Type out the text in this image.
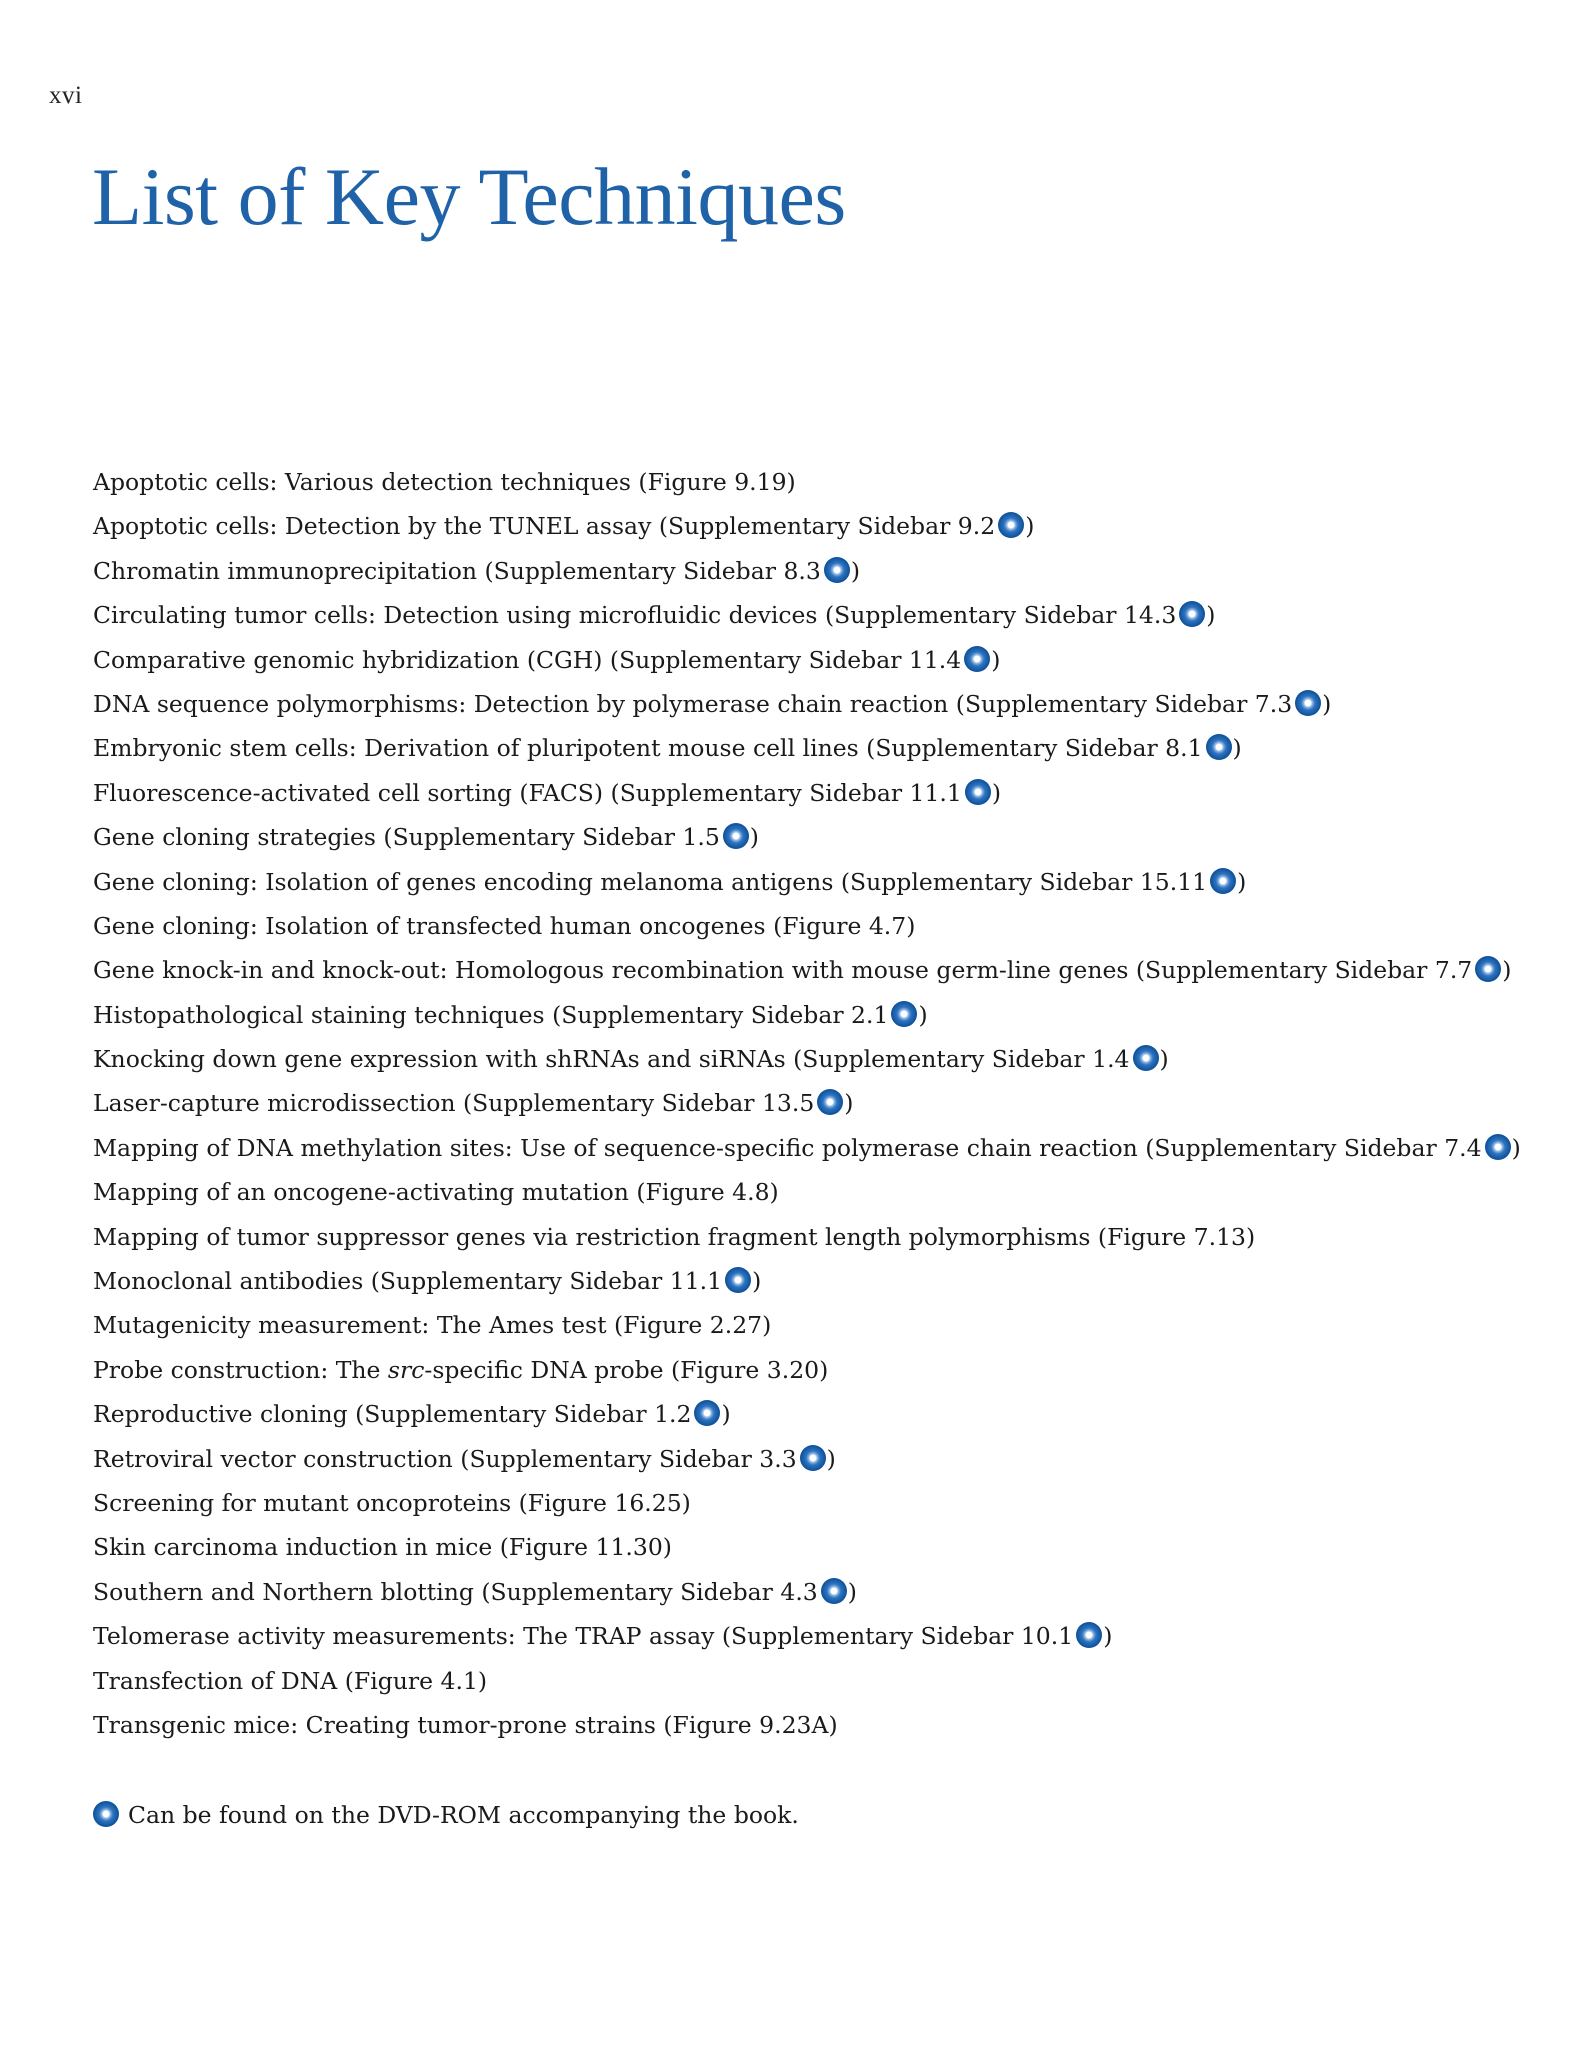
xvi
List of Key Techniques
Apoptotic cells: Various detection techniques (Figure 9.19)
Apoptotic cells: Detection by the TUNEL assay (Supplementary Sidebar 9.2 )
Chromatin immunoprecipitation (Supplementary Sidebar 8.3 )
Circulating tumor cells: Detection using microfluidic devices (Supplementary Sidebar 14.3 )
Comparative genomic hybridization (CGH) (Supplementary Sidebar 11.4 )
DNA sequence polymorphisms: Detection by polymerase chain reaction (Supplementary Sidebar 7.3 )
Embryonic stem cells: Derivation of pluripotent mouse cell lines (Supplementary Sidebar 8.1 )
Fluorescence-activated cell sorting (FACS) (Supplementary Sidebar 11.1 )
Gene cloning strategies (Supplementary Sidebar 1.5 )
Gene cloning: Isolation of genes encoding melanoma antigens (Supplementary Sidebar 15.11 )
Gene cloning: Isolation of transfected human oncogenes (Figure 4.7)
Gene knock-in and knock-out: Homologous recombination with mouse germ-line genes (Supplementary Sidebar 7.7 )
Histopathological staining techniques (Supplementary Sidebar 2.1 )
Knocking down gene expression with shRNAs and siRNAs (Supplementary Sidebar 1.4 )
Laser-capture microdissection (Supplementary Sidebar 13.5 )
Mapping of DNA methylation sites: Use of sequence-specific polymerase chain reaction (Supplementary Sidebar 7.4 )
Mapping of an oncogene-activating mutation (Figure 4.8)
Mapping of tumor suppressor genes via restriction fragment length polymorphisms (Figure 7.13)
Monoclonal antibodies (Supplementary Sidebar 11.1 )
Mutagenicity measurement: The Ames test (Figure 2.27)
Probe construction: The src-specific DNA probe (Figure 3.20)
Reproductive cloning (Supplementary Sidebar 1.2 )
Retroviral vector construction (Supplementary Sidebar 3.3 )
Screening for mutant oncoproteins (Figure 16.25)
Skin carcinoma induction in mice (Figure 11.30)
Southern and Northern blotting (Supplementary Sidebar 4.3 )
Telomerase activity measurements: The TRAP assay (Supplementary Sidebar 10.1 )
Transfection of DNA (Figure 4.1)
Transgenic mice: Creating tumor-prone strains (Figure 9.23A)
Can be found on the DVD-ROM accompanying the book.
